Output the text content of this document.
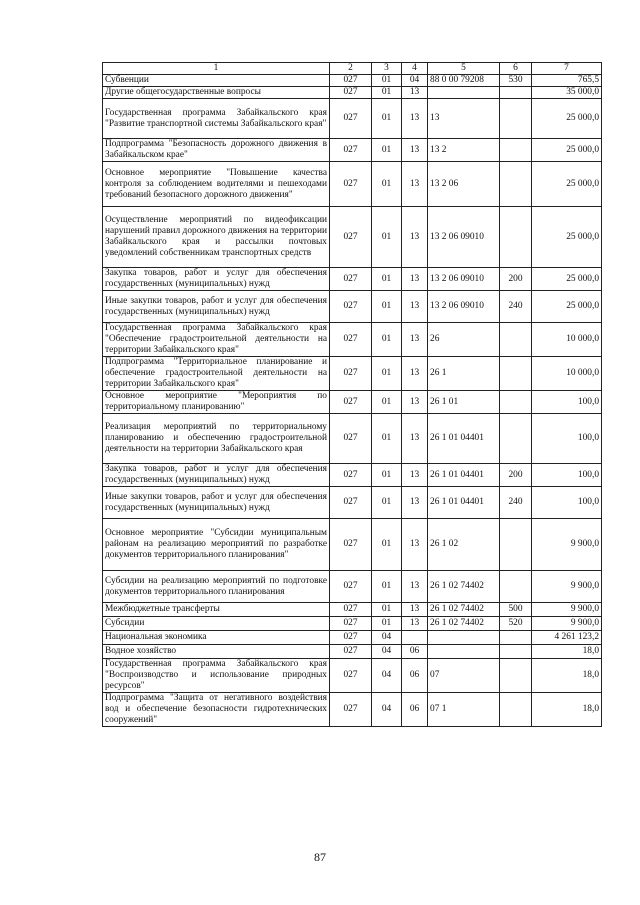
1	2	3	4	5	6	7
Субвенции	027	01	04	88 0 00 79208	530	765,5
Другие общегосударственные вопросы	027	01	13			35 000,0
Государственная программа Забайкальского края "Развитие транспортной системы Забайкальского края"	027	01	13	13		25 000,0
Подпрограмма "Безопасность дорожного движения в Забайкальском крае"	027	01	13	13 2		25 000,0
Основное мероприятие "Повышение качества контроля за соблюдением водителями и пешеходами требований безопасного дорожного движения"	027	01	13	13 2 06		25 000,0
Осуществление мероприятий по видеофиксации нарушений правил дорожного движения на территории Забайкальского края и рассылки почтовых уведомлений собственникам транспортных средств	027	01	13	13 2 06 09010		25 000,0
Закупка товаров, работ и услуг для обеспечения государственных (муниципальных) нужд	027	01	13	13 2 06 09010	200	25 000,0
Иные закупки товаров, работ и услуг для обеспечения государственных (муниципальных) нужд	027	01	13	13 2 06 09010	240	25 000,0
Государственная программа Забайкальского края "Обеспечение градостроительной деятельности на территории Забайкальского края"	027	01	13	26		10 000,0
Подпрограмма "Территориальное планирование и обеспечение градостроительной деятельности на территории Забайкальского края"	027	01	13	26 1		10 000,0
Основное мероприятие "Мероприятия по территориальному планированию"	027	01	13	26 1 01		100,0
Реализация мероприятий по территориальному планированию и обеспечению градостроительной деятельности на территории Забайкальского края	027	01	13	26 1 01 04401		100,0
Закупка товаров, работ и услуг для обеспечения государственных (муниципальных) нужд	027	01	13	26 1 01 04401	200	100,0
Иные закупки товаров, работ и услуг для обеспечения государственных (муниципальных) нужд	027	01	13	26 1 01 04401	240	100,0
Основное мероприятие "Субсидии муниципальным районам на реализацию мероприятий по разработке документов территориального планирования"	027	01	13	26 1 02		9 900,0
Субсидии на реализацию мероприятий по подготовке документов территориального планирования	027	01	13	26 1 02 74402		9 900,0
Межбюджетные трансферты	027	01	13	26 1 02 74402	500	9 900,0
Субсидии	027	01	13	26 1 02 74402	520	9 900,0
Национальная экономика	027	04				4 261 123,2
Водное хозяйство	027	04	06			18,0
Государственная программа Забайкальского края "Воспроизводство и использование природных ресурсов"	027	04	06	07		18,0
Подпрограмма "Защита от негативного воздействия вод и обеспечение безопасности гидротехнических сооружений"	027	04	06	07 1		18,0
87
